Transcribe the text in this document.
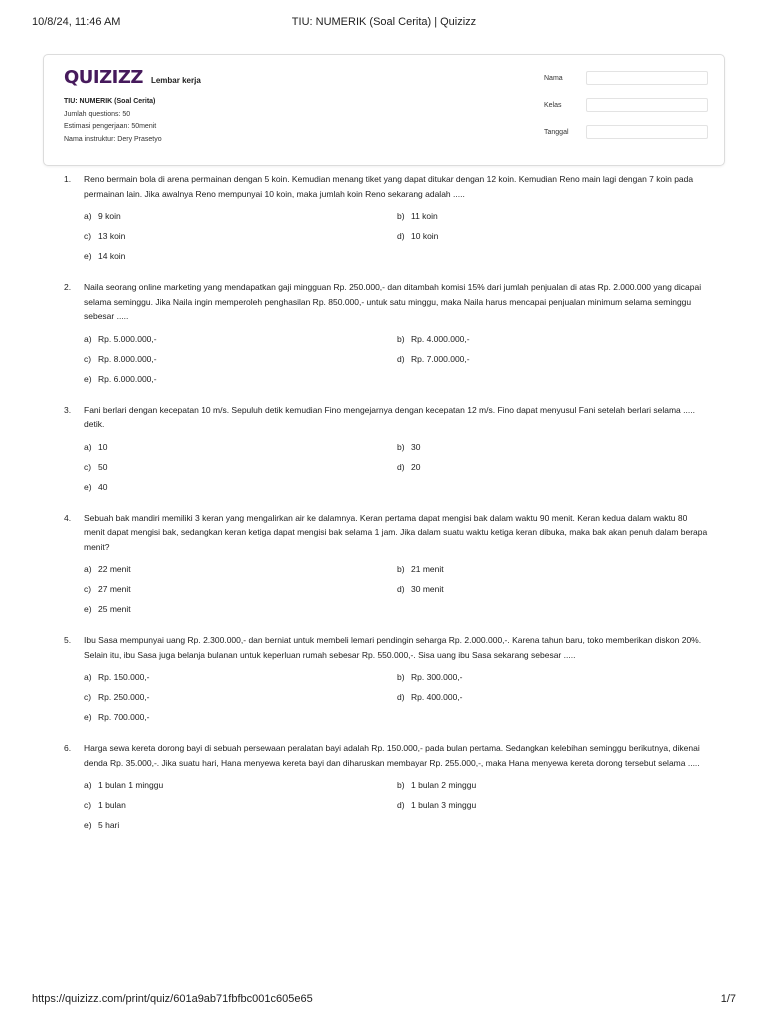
10/8/24, 11:46 AM	TIU: NUMERIK (Soal Cerita) | Quizizz
QUIZIZZ Lembar kerja
TIU: NUMERIK (Soal Cerita)
Jumlah questions: 50
Estimasi pengerjaan: 50menit
Nama instruktur: Dery Prasetyo
Nama
Kelas
Tanggal
1.	Reno bermain bola di arena permainan dengan 5 koin. Kemudian menang tiket yang dapat ditukar dengan 12 koin. Kemudian Reno main lagi dengan 7 koin pada permainan lain. Jika awalnya Reno mempunyai 10 koin, maka jumlah koin Reno sekarang adalah .....
a) 9 koin	b) 11 koin
c) 13 koin	d) 10 koin
e) 14 koin
2.	Naila seorang online marketing yang mendapatkan gaji mingguan Rp. 250.000,- dan ditambah komisi 15% dari jumlah penjualan di atas Rp. 2.000.000 yang dicapai selama seminggu. Jika Naila ingin memperoleh penghasilan Rp. 850.000,- untuk satu minggu, maka Naila harus mencapai penjualan minimum selama seminggu sebesar .....
a) Rp. 5.000.000,-	b) Rp. 4.000.000,-
c) Rp. 8.000.000,-	d) Rp. 7.000.000,-
e) Rp. 6.000.000,-
3.	Fani berlari dengan kecepatan 10 m/s. Sepuluh detik kemudian Fino mengejarnya dengan kecepatan 12 m/s. Fino dapat menyusul Fani setelah berlari selama ..... detik.
a) 10	b) 30
c) 50	d) 20
e) 40
4.	Sebuah bak mandiri memiliki 3 keran yang mengalirkan air ke dalamnya. Keran pertama dapat mengisi bak dalam waktu 90 menit. Keran kedua dalam waktu 80 menit dapat mengisi bak, sedangkan keran ketiga dapat mengisi bak selama 1 jam. Jika dalam suatu waktu ketiga keran dibuka, maka bak akan penuh dalam berapa menit?
a) 22 menit	b) 21 menit
c) 27 menit	d) 30 menit
e) 25 menit
5.	Ibu Sasa mempunyai uang Rp. 2.300.000,- dan berniat untuk membeli lemari pendingin seharga Rp. 2.000.000,-. Karena tahun baru, toko memberikan diskon 20%. Selain itu, ibu Sasa juga belanja bulanan untuk keperluan rumah sebesar Rp. 550.000,-. Sisa uang ibu Sasa sekarang sebesar .....
a) Rp. 150.000,-	b) Rp. 300.000,-
c) Rp. 250.000,-	d) Rp. 400.000,-
e) Rp. 700.000,-
6.	Harga sewa kereta dorong bayi di sebuah persewaan peralatan bayi adalah Rp. 150.000,- pada bulan pertama. Sedangkan kelebihan seminggu berikutnya, dikenai denda Rp. 35.000,-. Jika suatu hari, Hana menyewa kereta bayi dan diharuskan membayar Rp. 255.000,-, maka Hana menyewa kereta dorong tersebut selama .....
a) 1 bulan 1 minggu	b) 1 bulan 2 minggu
c) 1 bulan	d) 1 bulan 3 minggu
e) 5 hari
https://quizizz.com/print/quiz/601a9ab71fbfbc001c605e65	1/7
